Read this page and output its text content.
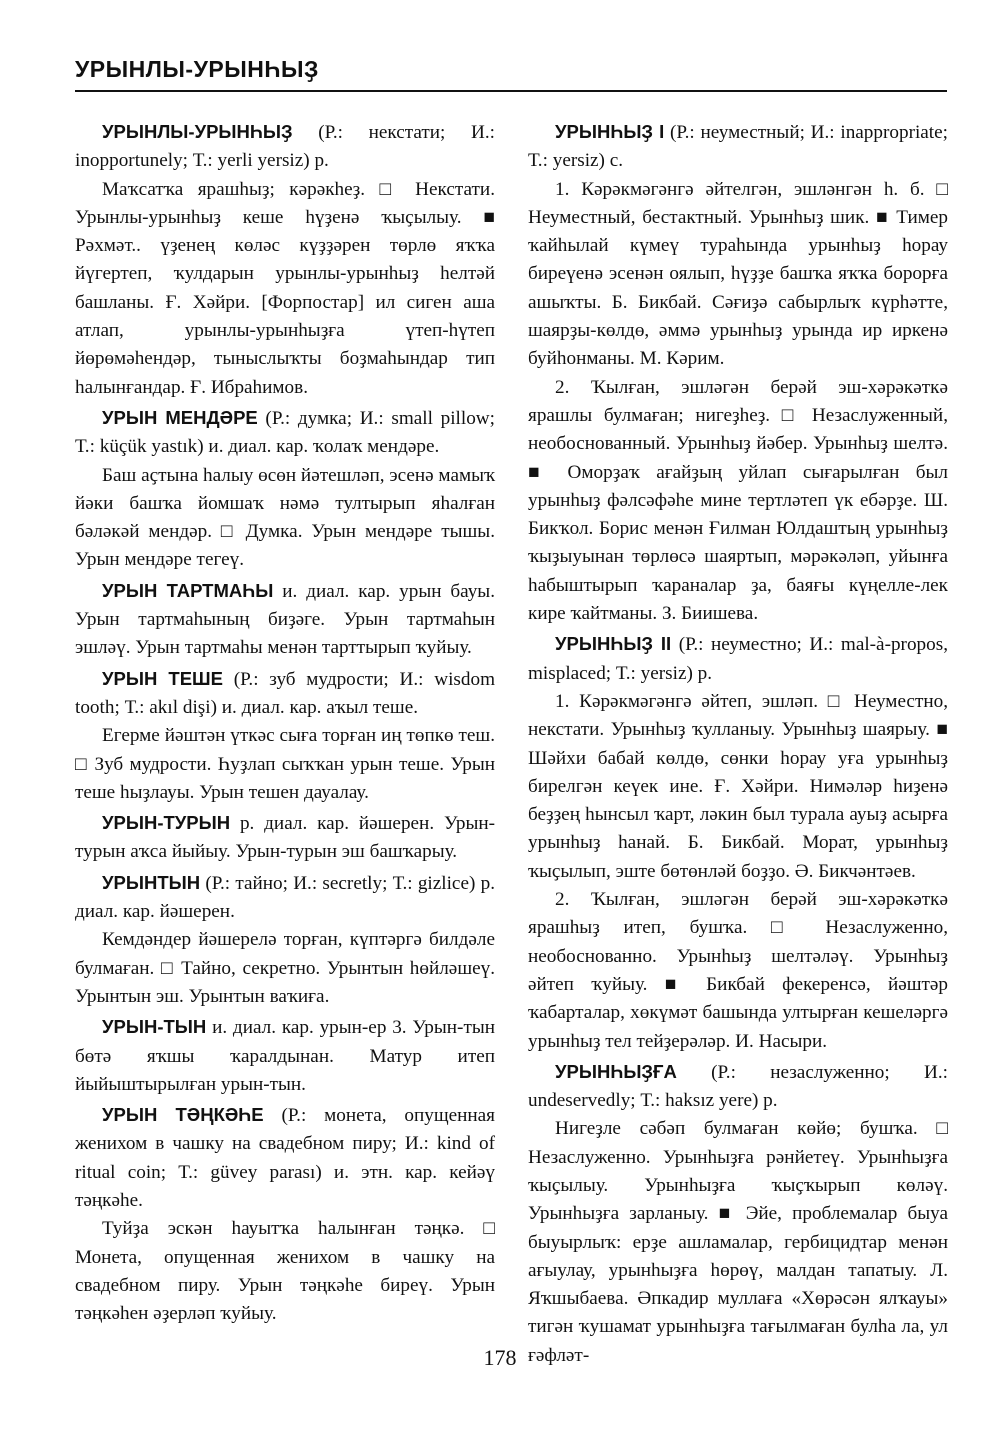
УРЫНЛЫ-УРЫНҺЫҘ

УРЫНЛЫ-УРЫНҺЫҘ (Р.: некстати; И.: inopportunely; Т.: yerli yersiz) р.

Маҡсатҡа ярашһыҙ; кәрәкһеҙ. □ Некстати. Урынлы-урынһыҙ кеше һүҙенә ҡыҫылыу. ■ Рәхмәт.. үҙенең көләс күҙҙәрен төрлө яҡҡа йүгертеп, ҡулдарын урынлы-урынһыҙ һелтәй башланы. Ғ. Хәйри. [Форпостар] ил сиген аша атлап, урынлы-урынһыҙға үтеп-һүтеп йөрөмәһендәр, тыныслыҡты боҙмаһындар тип һалынғандар. Ғ. Ибраһимов.

УРЫН МЕНДӘРЕ (Р.: думка; И.: small pillow; Т.: küçük yastık) и. диал. кар. ҡолаҡ мендәре.

Баш аҫтына һалыу өсөн йәтешләп, эсенә мамыҡ йәки башҡа йомшаҡ нәмә тултырып яһалған бәләкәй мендәр. □ Думка. Урын мендәре тышы. Урын мендәре тегеү.

УРЫН ТАРТМАҺЫ и. диал. кар. урын бауы. Урын тартмаһының биҙәге. Урын тартмаһын эшләү. Урын тартмаһы менән тарттырып ҡуйыу.

УРЫН ТЕШЕ (Р.: зуб мудрости; И.: wisdom tooth; Т.: akıl dişi) и. диал. кар. аҡыл теше.

Егерме йәштән үткәс сыға торған иң төпкө теш. □ Зуб мудрости. Һуҙлап сыҡҡан урын теше. Урын теше һыҙлауы. Урын тешен дауалау.

УРЫН-ТУРЫН р. диал. кар. йәшерен. Урын-турын аҡса йыйыу. Урын-турын эш башҡарыу.

УРЫНТЫН (Р.: тайно; И.: secretly; Т.: gizlice) р. диал. кар. йәшерен.

Кемдәндер йәшерелә торған, күптәргә билдәле булмаған. □ Тайно, секретно. Урынтын һөйләшеү. Урынтын эш. Урынтын ваҡиға.

УРЫН-ТЫН и. диал. кар. урын-ер 3. Урын-тын бөтә яҡшы ҡаралдынан. Матур итеп йыйыштырылған урын-тын.

УРЫН ТӘҢКӘҺЕ (Р.: монета, опущенная женихом в чашку на свадебном пиру; И.: kind of ritual coin; Т.: güvey parası) и. этн. кар. кейәү тәңкәһе.

Туйҙа эскән һауытҡа һалынған тәңкә. □ Монета, опущенная женихом в чашку на свадебном пиру. Урын тәңкәһе биреү. Урын тәңкәһен әҙерләп ҡуйыу.

УРЫНҺЫҘ I (Р.: неуместный; И.: inappropriate; Т.: yersiz) с.

1. Кәрәкмәгәнгә әйтелгән, эшләнгән һ. б. □ Неуместный, бестактный. Урынһыҙ шик. ■ Тимер ҡайһылай күмеү тураһында урынһыҙ һорау биреүенә эсенән оялып, һүҙҙе башҡа яҡҡа борорға ашыҡты. Б. Бикбай. Сәғиҙә сабырлыҡ күрһәтте, шаярҙы-көлдө, әммә урынһыҙ урында ир иркенә буйһонманы. М. Кәрим.

2. Ҡылған, эшләгән берәй эш-хәрәкәткә ярашлы булмаған; нигеҙһеҙ. □ Незаслуженный, необоснованный. Урынһыҙ йәбер. Урынһыҙ шелтә. ■ Оморҙаҡ ағайҙың уйлап сығарылған был урынһыҙ фәлсәфәһе мине тертләтеп үк ебәрҙе. Ш. Бикҡол. Борис менән Ғилман Юлдаштың урынһыҙ ҡыҙыуынан төрлөсә шаяртып, мәрәкәләп, уйынға һабыштырып ҡараналар ҙа, баяғы күңелле-лек кире ҡайтманы. З. Биишева.

УРЫНҺЫҘ II (Р.: неуместно; И.: mal-à-propos, misplaced; Т.: yersiz) р.

1. Кәрәкмәгәнгә әйтеп, эшләп. □ Неуместно, некстати. Урынһыҙ ҡулланыу. Урынһыҙ шаярыу. ■ Шәйхи бабай көлдө, сөнки һорау уға урынһыҙ бирелгән кеүек ине. Ғ. Хәйри. Нимәләр һиҙенә беҙҙең һынсыл ҡарт, ләкин был турала ауыҙ асырға урынһыҙ һанай. Б. Бикбай. Морат, урынһыҙ ҡыҫылып, эште бөтөнләй боҙҙо. Ә. Бикчәнтәев.

2. Ҡылған, эшләгән берәй эш-хәрәкәткә ярашһыҙ итеп, бушҡа. □ Незаслуженно, необоснованно. Урынһыҙ шелтәләү. Урынһыҙ әйтеп ҡуйыу. ■ Бикбай фекеренсә, йәштәр ҡабарталар, хөкүмәт башында ултырған кешеләргә урынһыҙ тел тейҙерәләр. И. Насыри.

УРЫНҺЫҘҒА (Р.: незаслуженно; И.: undeservedly; Т.: haksız yere) р.

Нигеҙле сәбәп булмаған көйө; бушҡа. □ Незаслуженно. Урынһыҙға рәнйетеү. Урынһыҙға ҡыҫылыу. Урынһыҙға ҡыҫҡырып көләү. Урынһыҙға зарланыу. ■ Эйе, проблемалар быуа быуырлыҡ: ерҙе ашламалар, гербицидтар менән ағыулау, урынһыҙға һөрөү, малдан тапатыу. Л. Яҡшыбаева. Әпкадир муллаға «Хөрәсән ялҡауы» тигән ҡушамат урынһыҙға тағылмаған булһа ла, ул ғәфләт-

178
